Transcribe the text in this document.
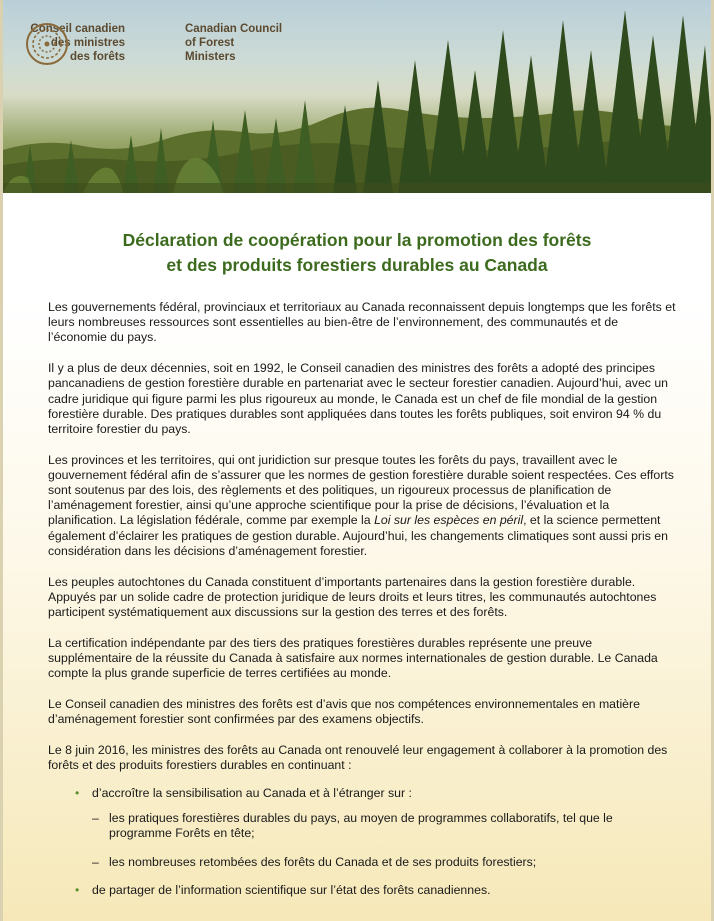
Conseil canadien
des ministres
des forêts
Canadian Council
of Forest
Ministers
Déclaration de coopération pour la promotion des forêts
et des produits forestiers durables au Canada

Les gouvernements fédéral, provinciaux et territoriaux au Canada reconnaissent depuis longtemps que les forêts et leurs nombreuses ressources sont essentielles au bien-être de l’environnement, des communautés et de l’économie du pays.

Il y a plus de deux décennies, soit en 1992, le Conseil canadien des ministres des forêts a adopté des principes pancanadiens de gestion forestière durable en partenariat avec le secteur forestier canadien. Aujourd’hui, avec un cadre juridique qui figure parmi les plus rigoureux au monde, le Canada est un chef de file mondial de la gestion forestière durable. Des pratiques durables sont appliquées dans toutes les forêts publiques, soit environ 94 % du territoire forestier du pays.

Les provinces et les territoires, qui ont juridiction sur presque toutes les forêts du pays, travaillent avec le gouvernement fédéral afin de s’assurer que les normes de gestion forestière durable soient respectées. Ces efforts sont soutenus par des lois, des règlements et des politiques, un rigoureux processus de planification de l’aménagement forestier, ainsi qu’une approche scientifique pour la prise de décisions, l’évaluation et la planification. La législation fédérale, comme par exemple la Loi sur les espèces en péril, et la science permettent également d’éclairer les pratiques de gestion durable. Aujourd’hui, les changements climatiques sont aussi pris en considération dans les décisions d’aménagement forestier.

Les peuples autochtones du Canada constituent d’importants partenaires dans la gestion forestière durable. Appuyés par un solide cadre de protection juridique de leurs droits et leurs titres, les communautés autochtones participent systématiquement aux discussions sur la gestion des terres et des forêts.

La certification indépendante par des tiers des pratiques forestières durables représente une preuve supplémentaire de la réussite du Canada à satisfaire aux normes internationales de gestion durable. Le Canada compte la plus grande superficie de terres certifiées au monde.

Le Conseil canadien des ministres des forêts est d’avis que nos compétences environnementales en matière d’aménagement forestier sont confirmées par des examens objectifs.

Le 8 juin 2016, les ministres des forêts au Canada ont renouvelé leur engagement à collaborer à la promotion des forêts et des produits forestiers durables en continuant :

• d’accroître la sensibilisation au Canada et à l’étranger sur :
– les pratiques forestières durables du pays, au moyen de programmes collaboratifs, tel que le programme Forêts en tête;
– les nombreuses retombées des forêts du Canada et de ses produits forestiers;
• de partager de l’information scientifique sur l’état des forêts canadiennes.
